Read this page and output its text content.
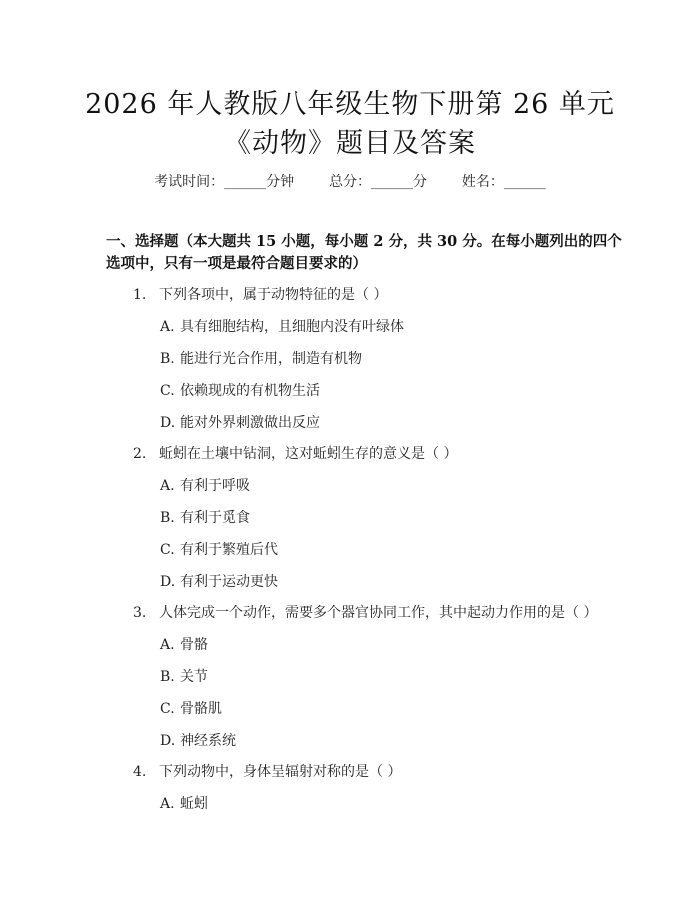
2026 年人教版八年级生物下册第 26 单元
《动物》题目及答案
考试时间：______分钟 总分：______分 姓名：______
一、选择题（本大题共 15 小题，每小题 2 分，共 30 分。在每小题列出的四个选项中，只有一项是最符合题目要求的）
1. 下列各项中，属于动物特征的是（ ）
A. 具有细胞结构，且细胞内没有叶绿体
B. 能进行光合作用，制造有机物
C. 依赖现成的有机物生活
D. 能对外界刺激做出反应
2. 蚯蚓在土壤中钻洞，这对蚯蚓生存的意义是（ ）
A. 有利于呼吸
B. 有利于觅食
C. 有利于繁殖后代
D. 有利于运动更快
3. 人体完成一个动作，需要多个器官协同工作，其中起动力作用的是（ ）
A. 骨骼
B. 关节
C. 骨骼肌
D. 神经系统
4. 下列动物中，身体呈辐射对称的是（ ）
A. 蚯蚓
